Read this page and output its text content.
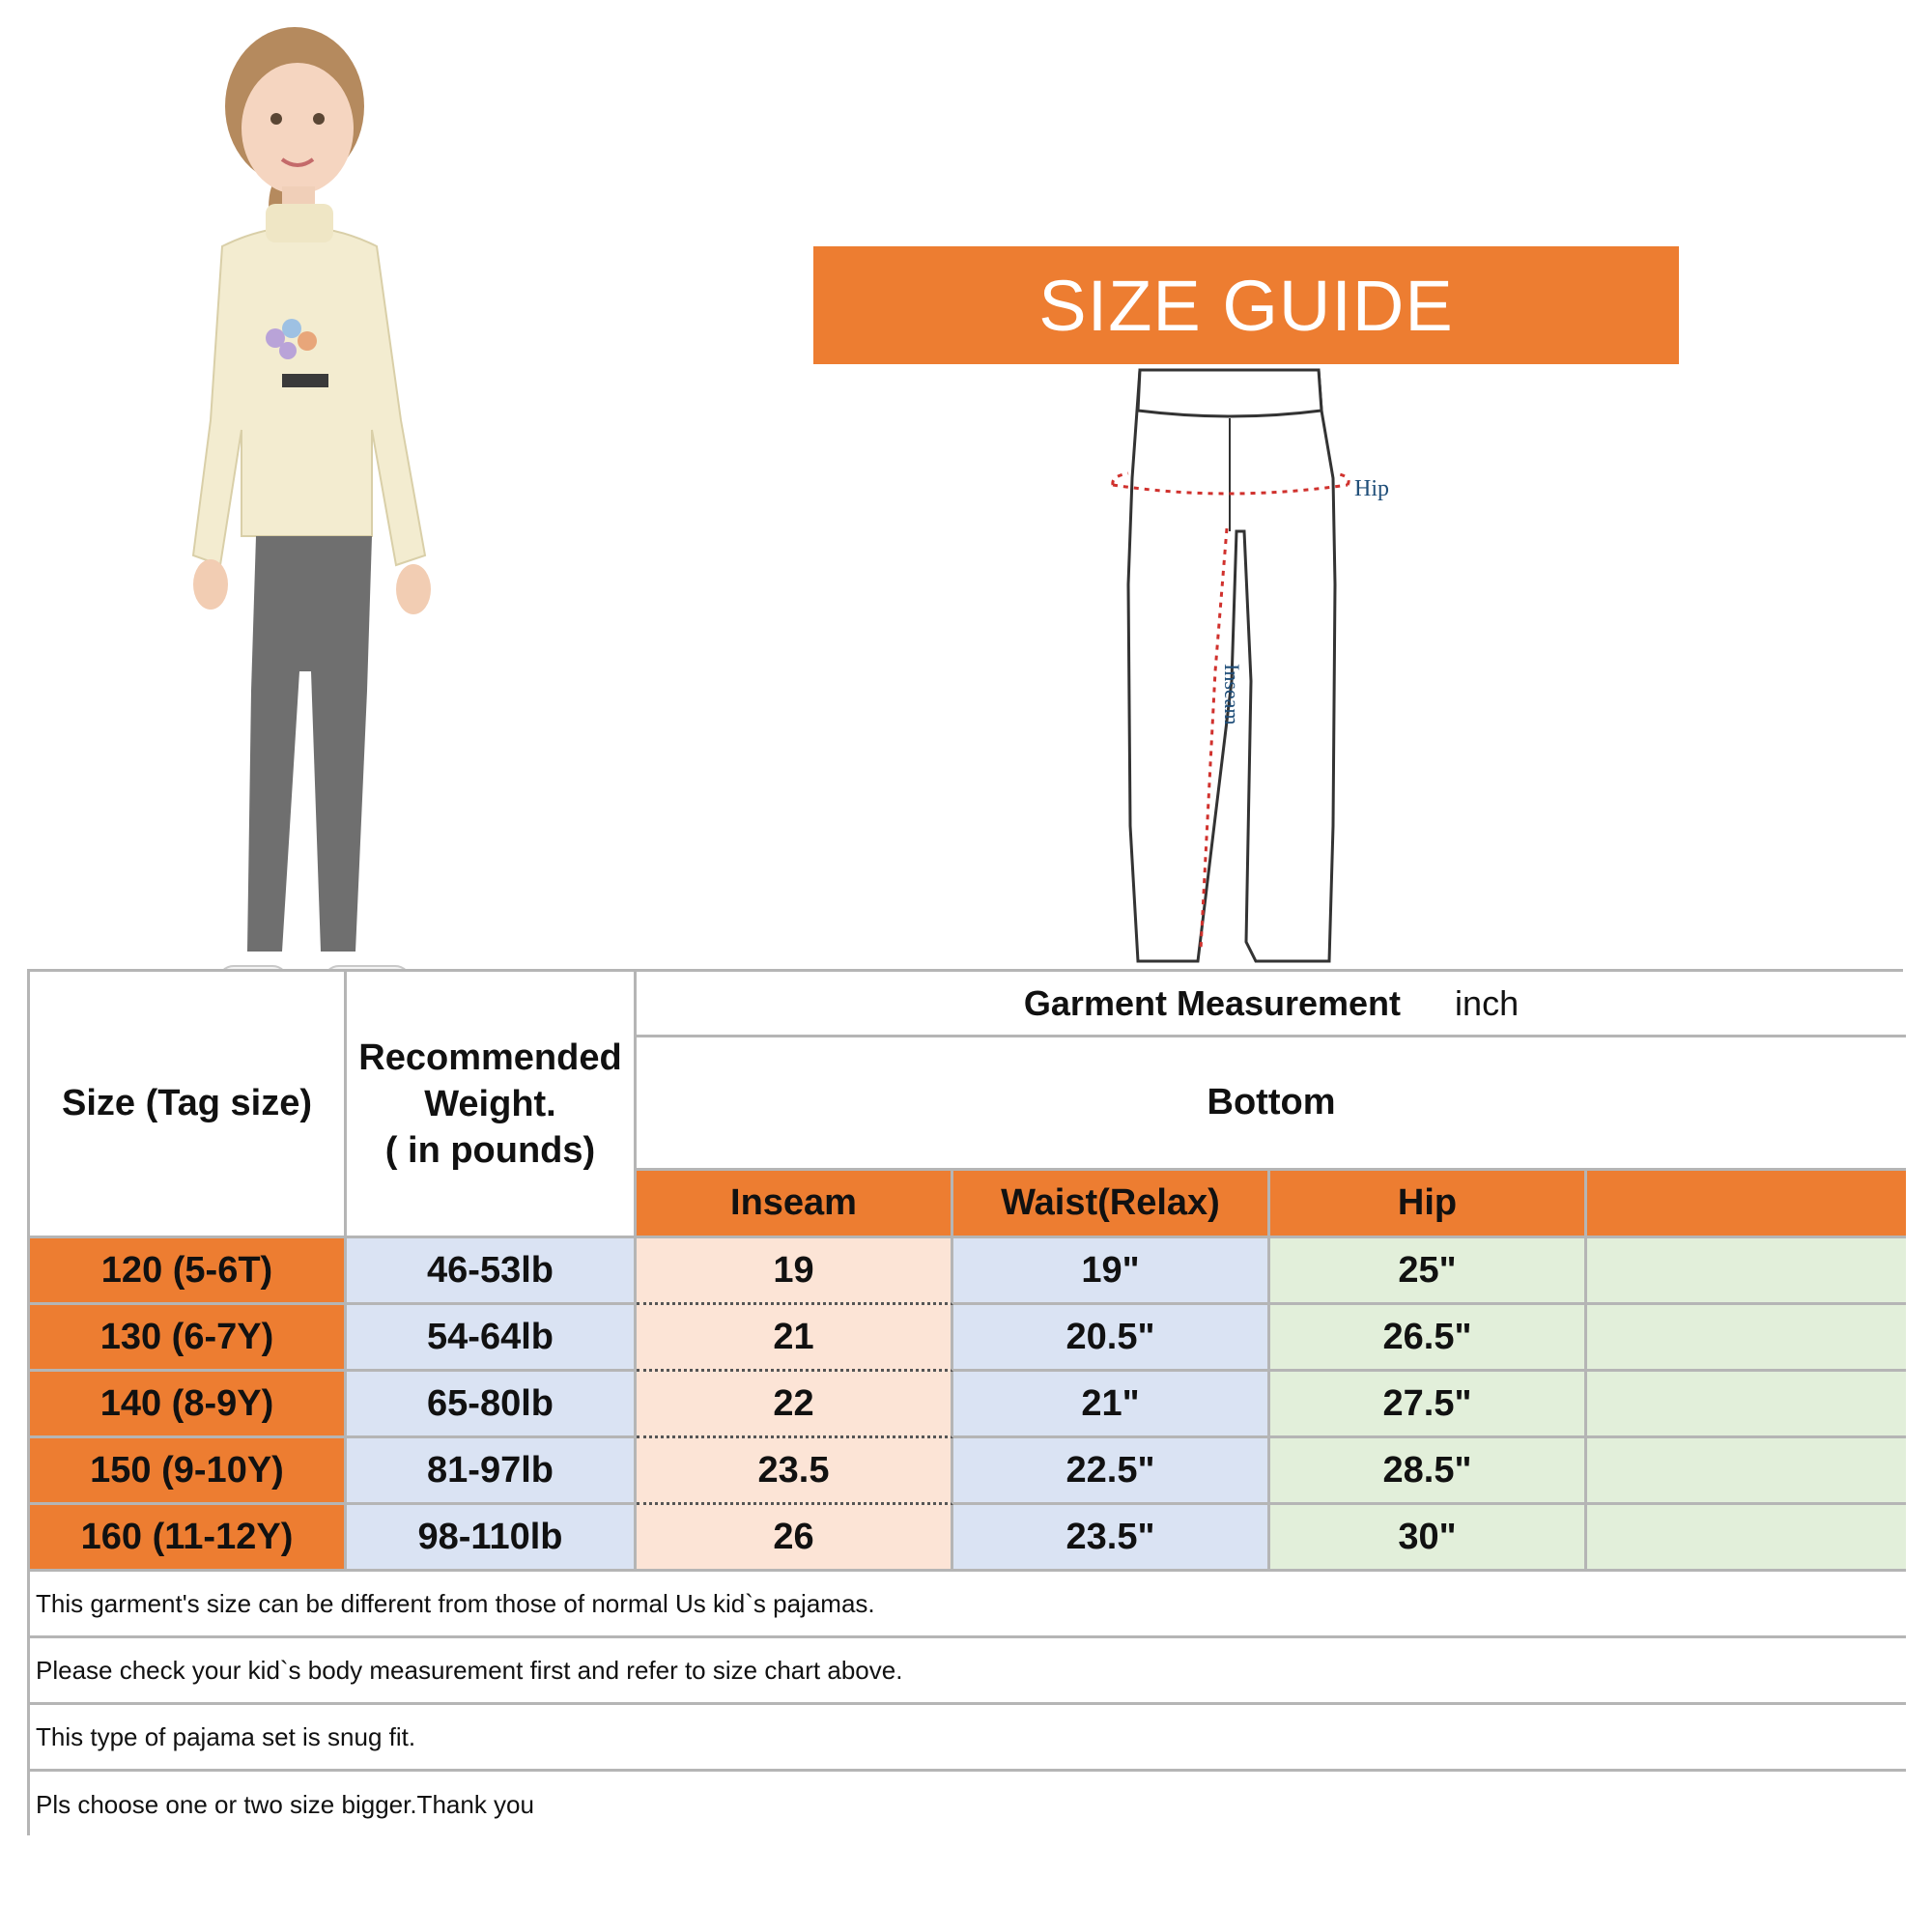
SIZE GUIDE
Hip
Inseam
Size (Tag size)
Recommended
Weight.
( in pounds)
Garment Measurement inch
Bottom
Inseam	Waist(Relax)	Hip
120 (5-6T)	46-53lb	19	19"	25"
130 (6-7Y)	54-64lb	21	20.5"	26.5"
140 (8-9Y)	65-80lb	22	21"	27.5"
150 (9-10Y)	81-97lb	23.5	22.5"	28.5"
160 (11-12Y)	98-110lb	26	23.5"	30"
This garment's size can be different from those of normal Us kid`s pajamas.
Please check your kid`s body measurement first and refer to size chart above.
This type of pajama set is snug fit.
Pls choose one or two size bigger.Thank you
